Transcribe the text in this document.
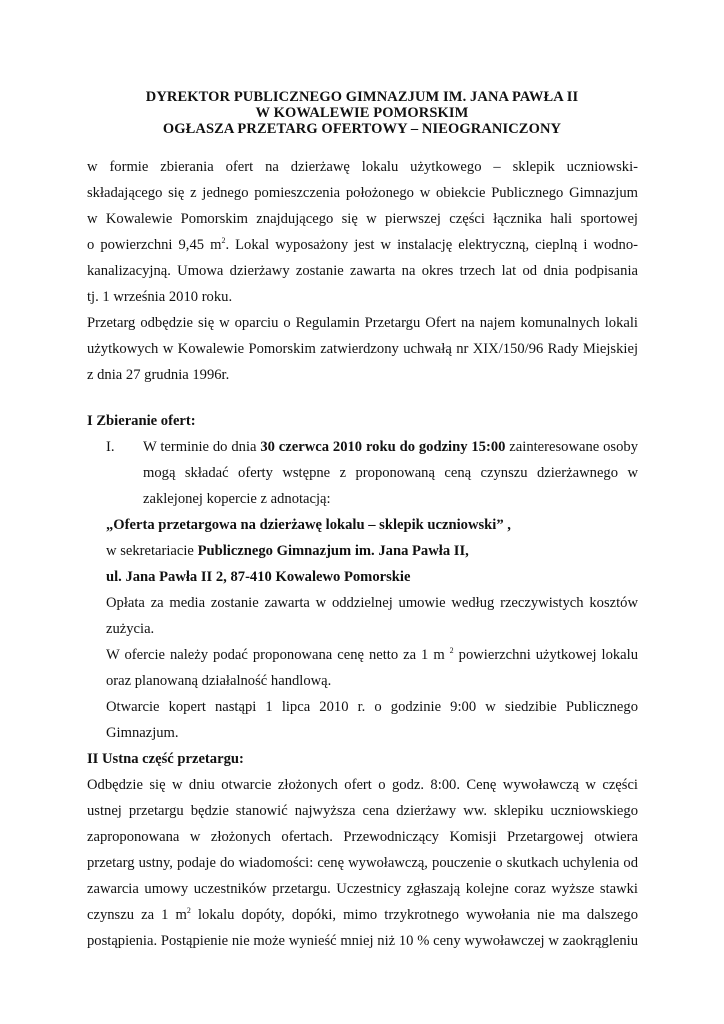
DYREKTOR PUBLICZNEGO GIMNAZJUM IM. JANA PAWŁA II
W KOWALEWIE POMORSKIM
OGŁASZA PRZETARG OFERTOWY – NIEOGRANICZONY
w formie zbierania ofert na dzierżawę lokalu użytkowego – sklepik uczniowski-
składającego się z jednego pomieszczenia położonego w obiekcie Publicznego Gimnazjum
w Kowalewie Pomorskim znajdującego się w pierwszej części łącznika hali sportowej
o powierzchni 9,45 $m^2$. Lokal wyposażony jest w instalację elektryczną, cieplną i wodno-
kanalizacyjną. Umowa dzierżawy zostanie zawarta na okres trzech lat od dnia podpisania
tj. 1 września 2010 roku.
Przetarg odbędzie się w oparciu o Regulamin Przetargu Ofert na najem komunalnych lokali
użytkowych w Kowalewie Pomorskim zatwierdzony uchwałą nr XIX/150/96 Rady Miejskiej
z dnia 27 grudnia 1996r.
I Zbieranie ofert:
I. W terminie do dnia 30 czerwca 2010 roku do godziny 15:00 zainteresowane osoby
mogą składać oferty wstępne z proponowaną ceną czynszu dzierżawnego w
zaklejonej kopercie z adnotacją:
„Oferta przetargowa na dzierżawę lokalu – sklepik uczniowski” ,
w sekretariacie Publicznego Gimnazjum im. Jana Pawła II,
ul. Jana Pawła II 2, 87-410 Kowalewo Pomorskie
Opłata za media zostanie zawarta w oddzielnej umowie według rzeczywistych kosztów
zużycia.
W ofercie należy podać proponowana cenę netto za 1 m $^2$ powierzchni użytkowej lokalu
oraz planowaną działalność handlową.
Otwarcie kopert nastąpi 1 lipca 2010 r. o godzinie 9:00 w siedzibie Publicznego
Gimnazjum.
II Ustna część przetargu:
Odbędzie się w dniu otwarcie złożonych ofert o godz. 8:00. Cenę wywoławczą w części
ustnej przetargu będzie stanowić najwyższa cena dzierżawy ww. sklepiku uczniowskiego
zaproponowana w złożonych ofertach. Przewodniczący Komisji Przetargowej otwiera
przetarg ustny, podaje do wiadomości: cenę wywoławczą, pouczenie o skutkach uchylenia od
zawarcia umowy uczestników przetargu. Uczestnicy zgłaszają kolejne coraz wyższe stawki
czynszu za 1 $m^2$ lokalu dopóty, dopóki, mimo trzykrotnego wywołania nie ma dalszego
postąpienia. Postąpienie nie może wynieść mniej niż 10 % ceny wywoławczej w zaokrągleniu
